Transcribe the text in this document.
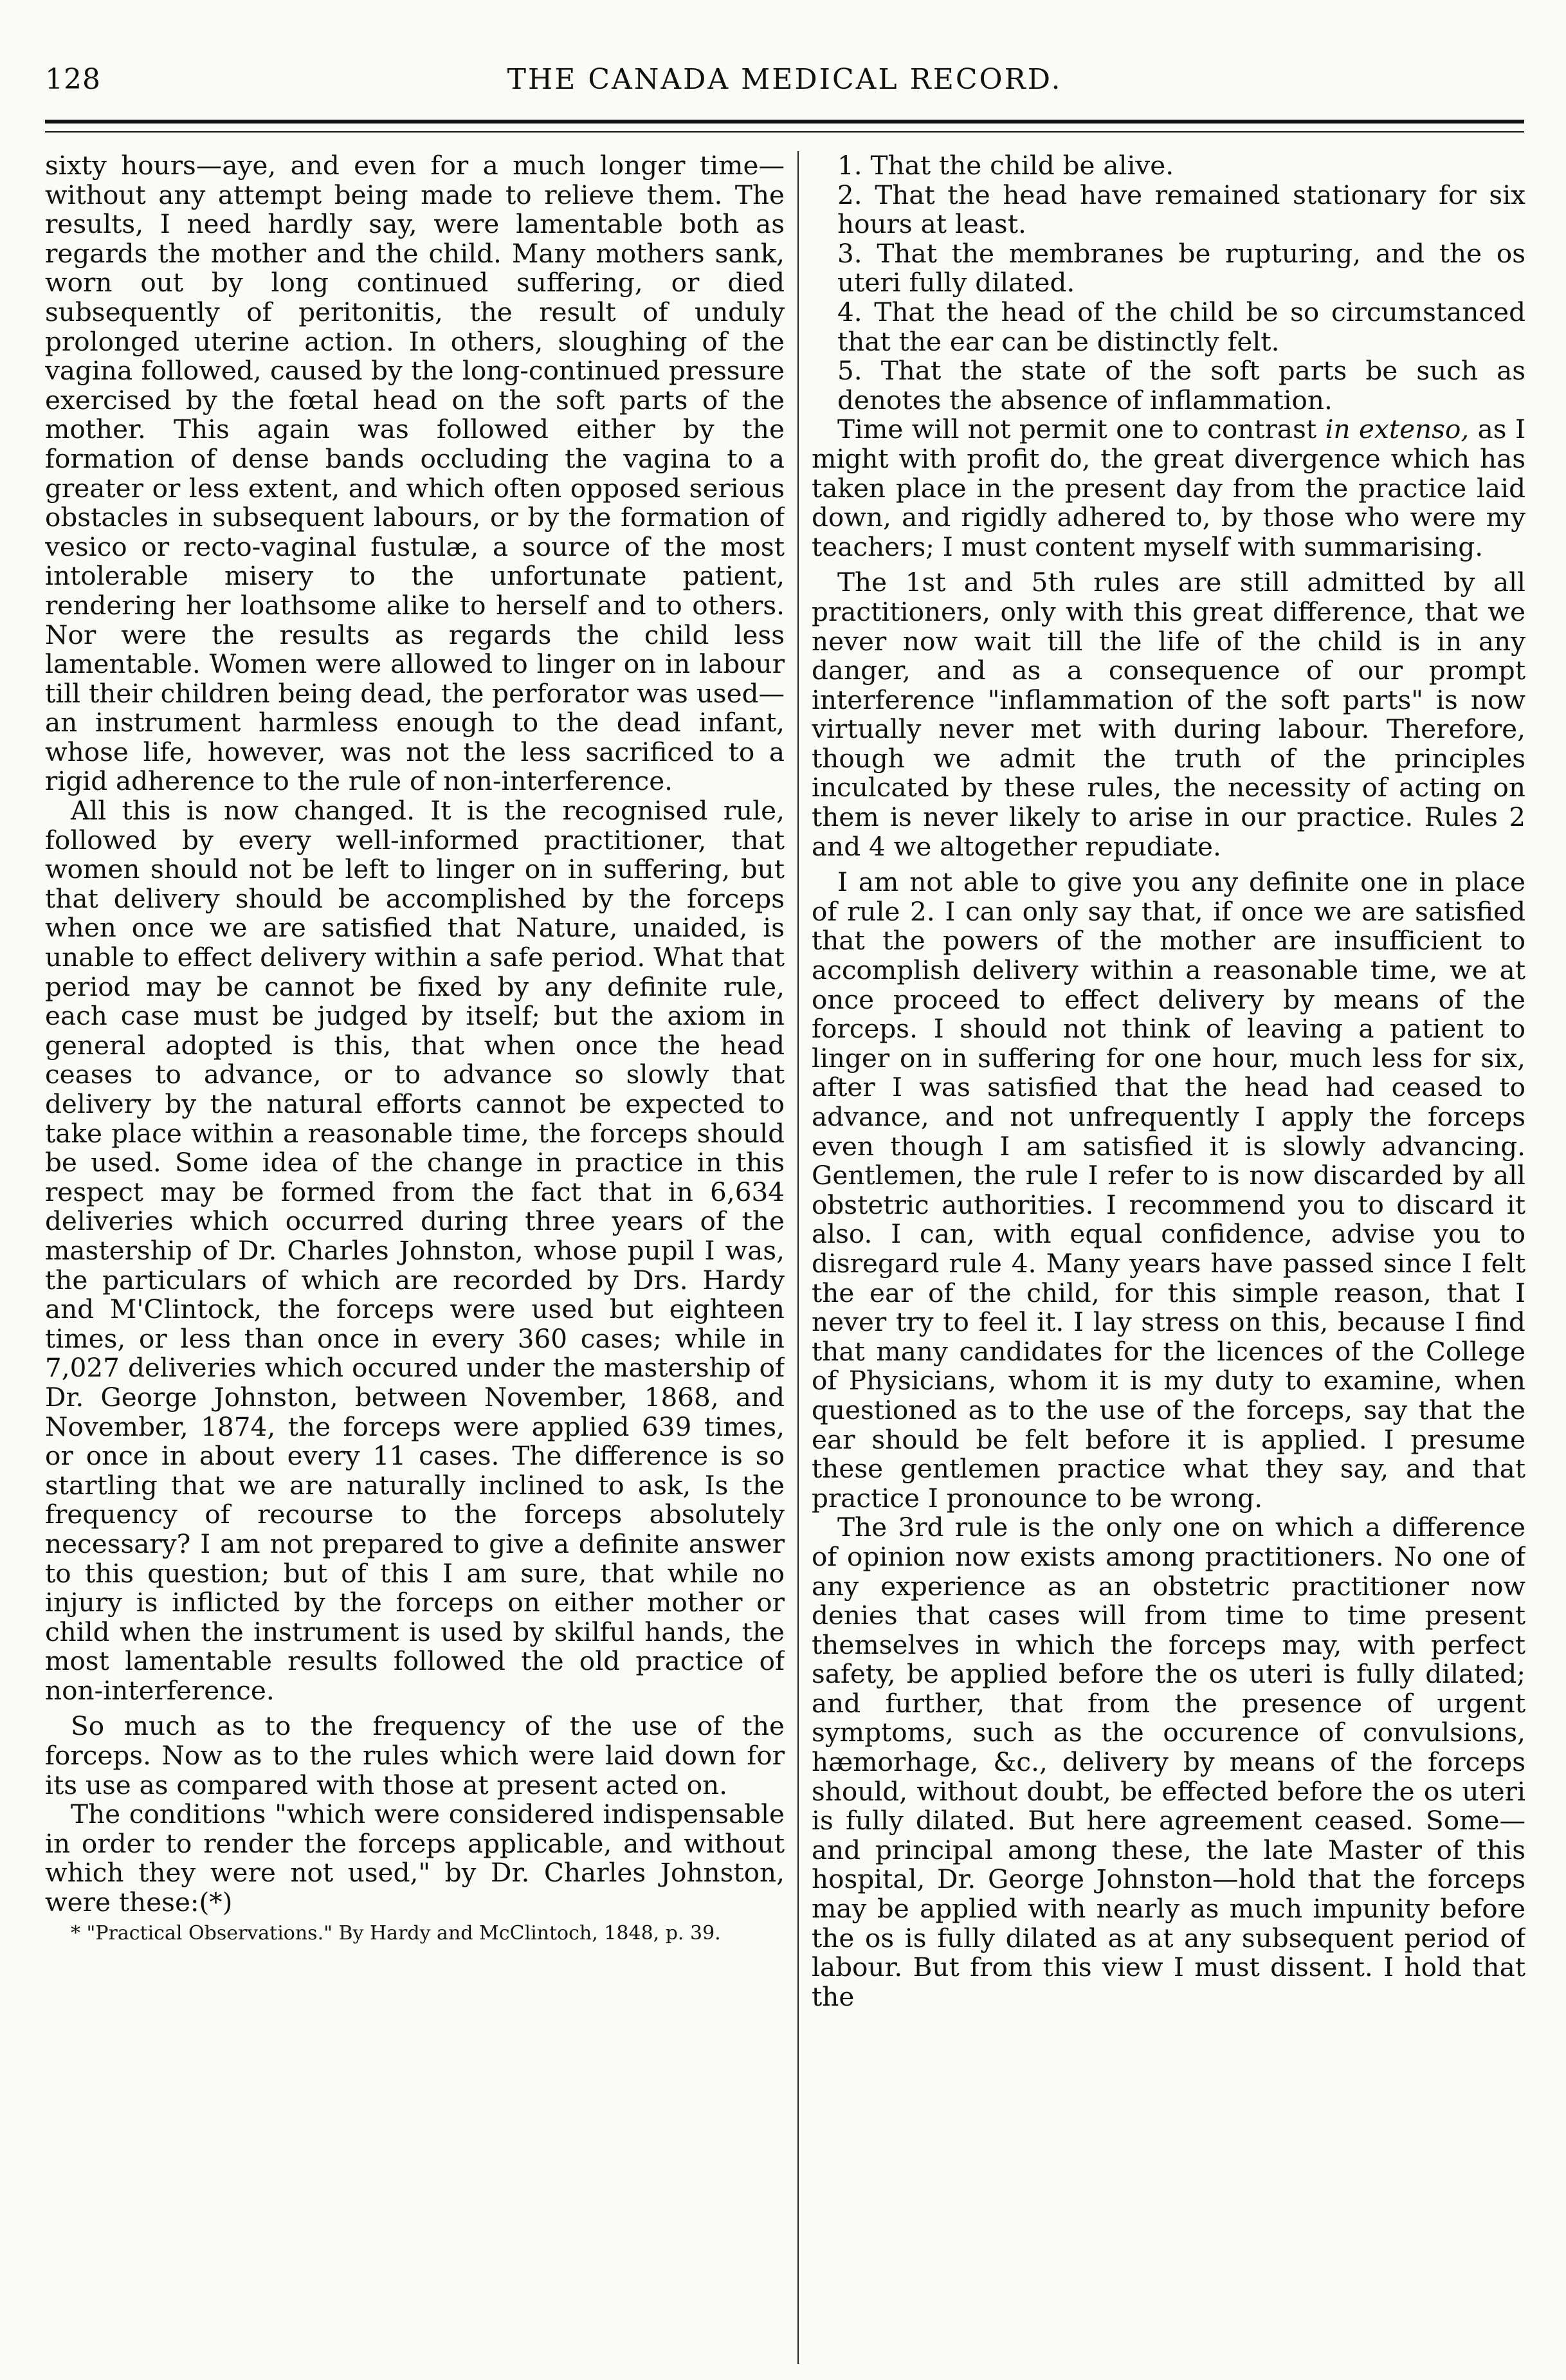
128	THE CANADA MEDICAL RECORD.

sixty hours—aye, and even for a much longer time—without any attempt being made to relieve them. The results, I need hardly say, were lamentable both as regards the mother and the child. Many mothers sank, worn out by long continued suffering, or died subsequently of peritonitis, the result of unduly prolonged uterine action. In others, sloughing of the vagina followed, caused by the long-continued pressure exercised by the fœtal head on the soft parts of the mother. This again was followed either by the formation of dense bands occluding the vagina to a greater or less extent, and which often opposed serious obstacles in subsequent labours, or by the formation of vesico or recto-vaginal fustulæ, a source of the most intolerable misery to the unfortunate patient, rendering her loathsome alike to herself and to others. Nor were the results as regards the child less lamentable. Women were allowed to linger on in labour till their children being dead, the perforator was used—an instrument harmless enough to the dead infant, whose life, however, was not the less sacrificed to a rigid adherence to the rule of non-interference.

All this is now changed. It is the recognised rule, followed by every well-informed practitioner, that women should not be left to linger on in suffering, but that delivery should be accomplished by the forceps when once we are satisfied that Nature, unaided, is unable to effect delivery within a safe period. What that period may be cannot be fixed by any definite rule, each case must be judged by itself; but the axiom in general adopted is this, that when once the head ceases to advance, or to advance so slowly that delivery by the natural efforts cannot be expected to take place within a reasonable time, the forceps should be used. Some idea of the change in practice in this respect may be formed from the fact that in 6,634 deliveries which occurred during three years of the mastership of Dr. Charles Johnston, whose pupil I was, the particulars of which are recorded by Drs. Hardy and M'Clintock, the forceps were used but eighteen times, or less than once in every 360 cases; while in 7,027 deliveries which occured under the mastership of Dr. George Johnston, between November, 1868, and November, 1874, the forceps were applied 639 times, or once in about every 11 cases. The difference is so startling that we are naturally inclined to ask, Is the frequency of recourse to the forceps absolutely necessary? I am not prepared to give a definite answer to this question; but of this I am sure, that while no injury is inflicted by the forceps on either mother or child when the instrument is used by skilful hands, the most lamentable results followed the old practice of non-interference.

So much as to the frequency of the use of the forceps. Now as to the rules which were laid down for its use as compared with those at present acted on.

The conditions "which were considered indispensable in order to render the forceps applicable, and without which they were not used," by Dr. Charles Johnston, were these:(*)

* "Practical Observations." By Hardy and McClintoch, 1848, p. 39.

1. That the child be alive.

2. That the head have remained stationary for six hours at least.

3. That the membranes be rupturing, and the os uteri fully dilated.

4. That the head of the child be so circumstanced that the ear can be distinctly felt.

5. That the state of the soft parts be such as denotes the absence of inflammation.

Time will not permit one to contrast in extenso, as I might with profit do, the great divergence which has taken place in the present day from the practice laid down, and rigidly adhered to, by those who were my teachers; I must content myself with summarising.

The 1st and 5th rules are still admitted by all practitioners, only with this great difference, that we never now wait till the life of the child is in any danger, and as a consequence of our prompt interference "inflammation of the soft parts" is now virtually never met with during labour. Therefore, though we admit the truth of the principles inculcated by these rules, the necessity of acting on them is never likely to arise in our practice. Rules 2 and 4 we altogether repudiate.

I am not able to give you any definite one in place of rule 2. I can only say that, if once we are satisfied that the powers of the mother are insufficient to accomplish delivery within a reasonable time, we at once proceed to effect delivery by means of the forceps. I should not think of leaving a patient to linger on in suffering for one hour, much less for six, after I was satisfied that the head had ceased to advance, and not unfrequently I apply the forceps even though I am satisfied it is slowly advancing. Gentlemen, the rule I refer to is now discarded by all obstetric authorities. I recommend you to discard it also. I can, with equal confidence, advise you to disregard rule 4. Many years have passed since I felt the ear of the child, for this simple reason, that I never try to feel it. I lay stress on this, because I find that many candidates for the licences of the College of Physicians, whom it is my duty to examine, when questioned as to the use of the forceps, say that the ear should be felt before it is applied. I presume these gentlemen practice what they say, and that practice I pronounce to be wrong.

The 3rd rule is the only one on which a difference of opinion now exists among practitioners. No one of any experience as an obstetric practitioner now denies that cases will from time to time present themselves in which the forceps may, with perfect safety, be applied before the os uteri is fully dilated; and further, that from the presence of urgent symptoms, such as the occurence of convulsions, hæmorhage, &c., delivery by means of the forceps should, without doubt, be effected before the os uteri is fully dilated. But here agreement ceased. Some—and principal among these, the late Master of this hospital, Dr. George Johnston—hold that the forceps may be applied with nearly as much impunity before the os is fully dilated as at any subsequent period of labour. But from this view I must dissent. I hold that the
